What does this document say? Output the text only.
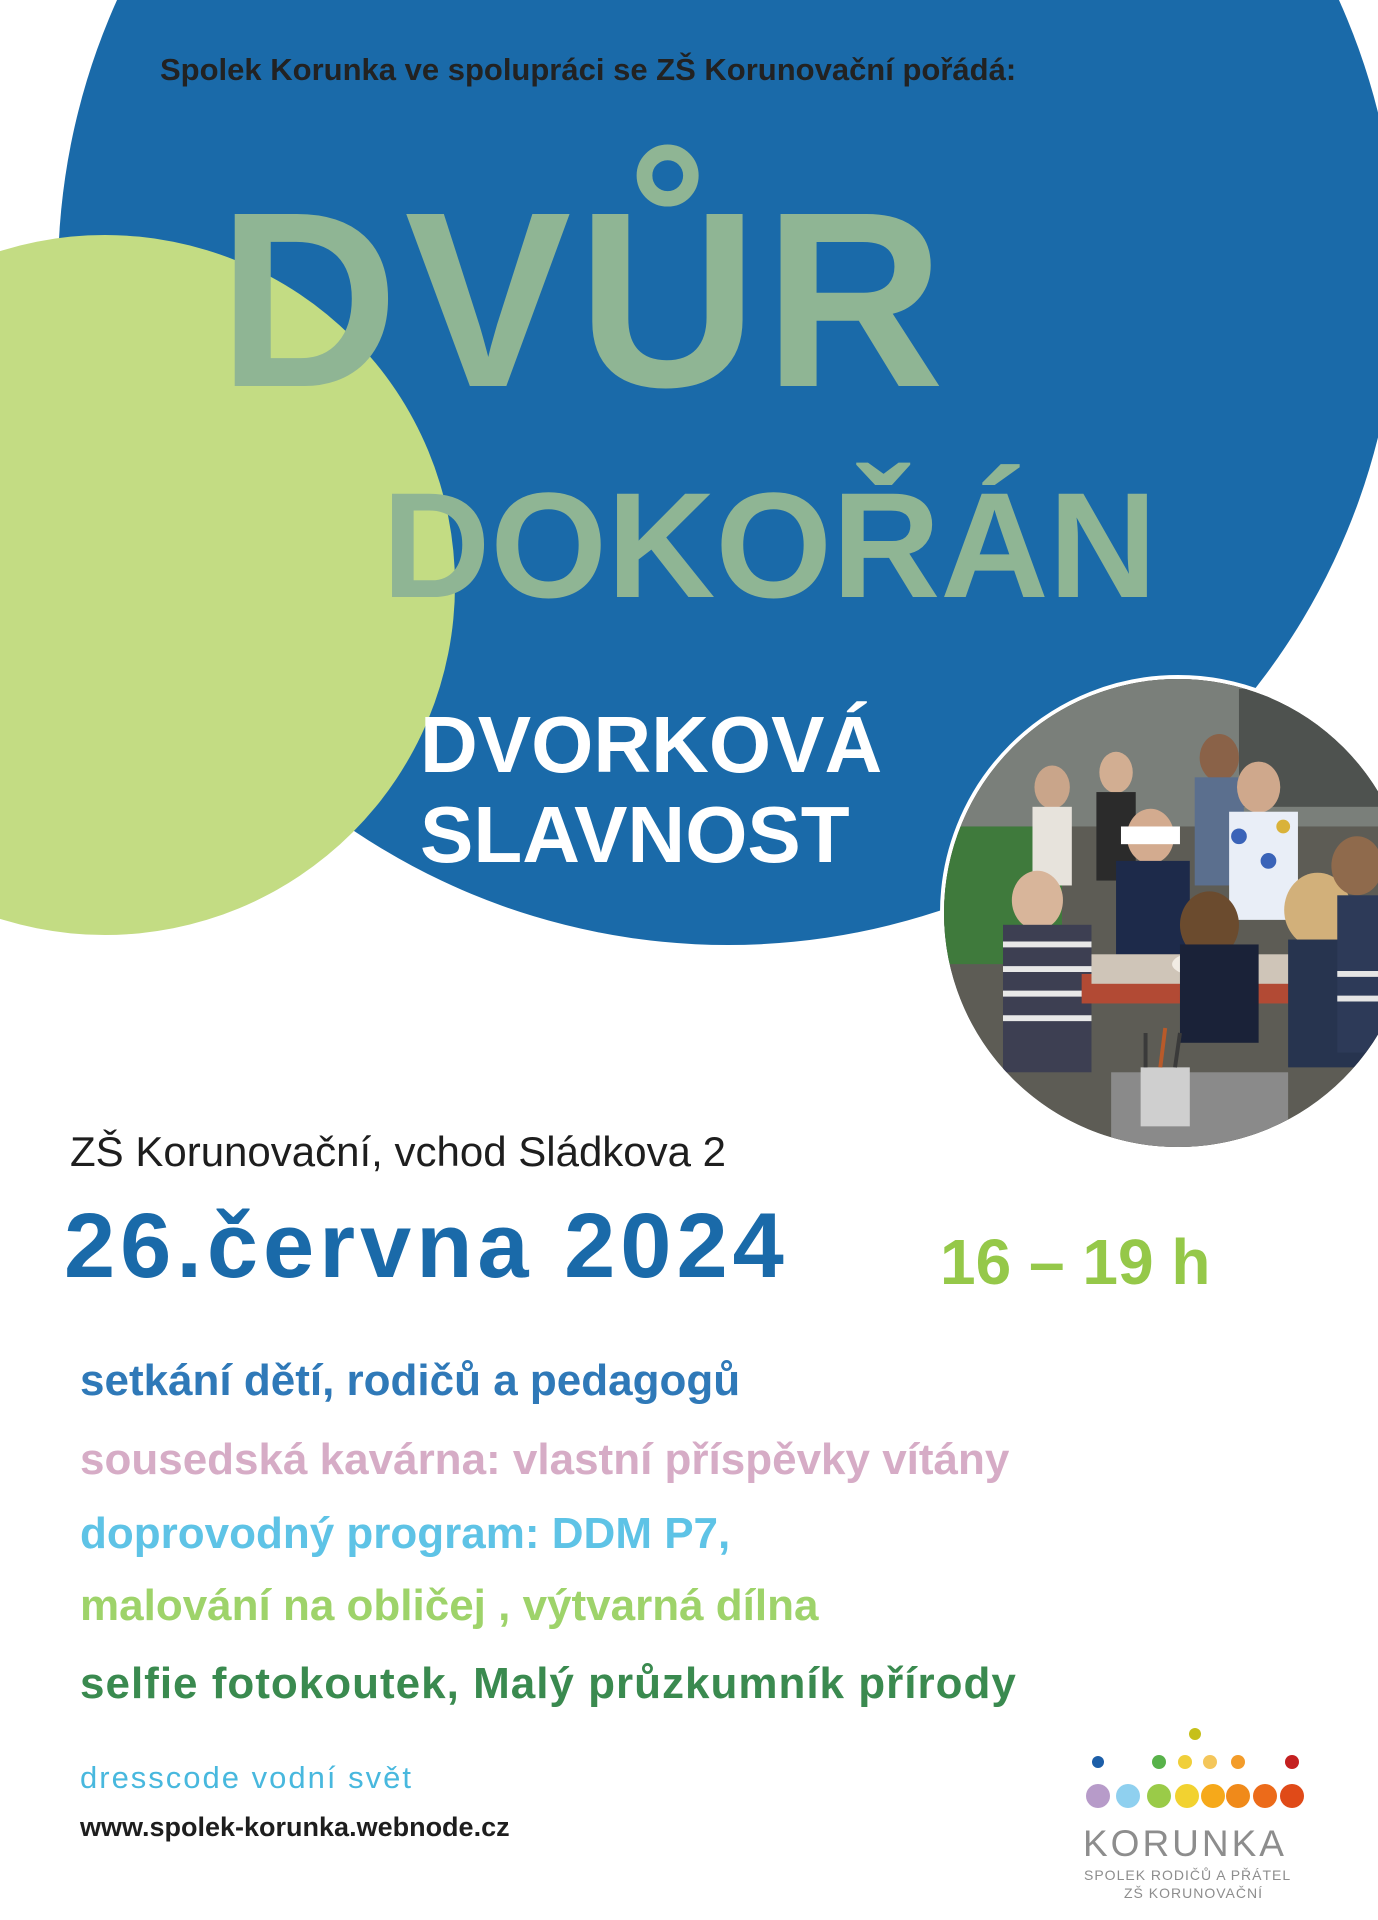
Spolek Korunka ve spolupráci se ZŠ Korunovační pořádá:
DVŮR
DOKOŘÁN
DVORKOVÁ
SLAVNOST
ZŠ Korunovační, vchod Sládkova 2
26.června 2024 16 – 19 h
setkání dětí, rodičů a pedagogů
sousedská kavárna: vlastní příspěvky vítány
doprovodný program: DDM P7,
malování na obličej , výtvarná dílna
selfie fotokoutek, Malý průzkumník přírody
dresscode vodní svět
www.spolek-korunka.webnode.cz	KORUNKA
SPOLEK RODIČŮ A PŘÁTEL
ZŠ KORUNOVAČNÍ
